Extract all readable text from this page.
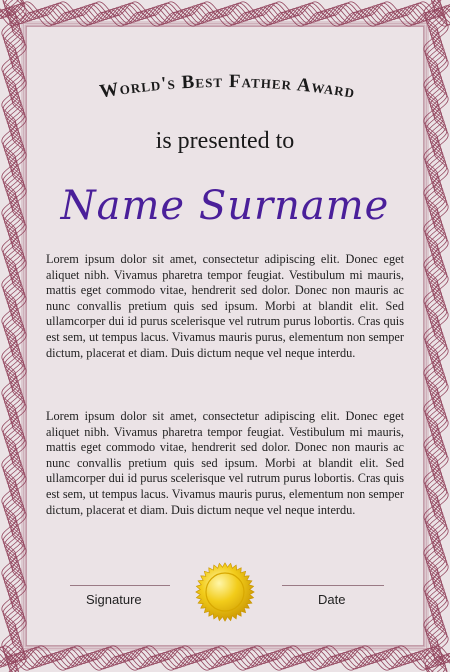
World's Best Father Award
is presented to
Name Surname

Lorem ipsum dolor sit amet, consectetur adipiscing elit. Donec eget aliquet nibh. Vivamus pharetra tempor feugiat. Vestibulum mi mauris, mattis eget commodo vitae, hendrerit sed dolor. Donec non mauris ac nunc convallis pretium quis sed ipsum. Morbi at blandit elit. Sed ullamcorper dui id purus scelerisque vel rutrum purus lobortis. Cras quis est sem, ut tempus lacus. Vivamus mauris purus, elementum non semper dictum, placerat et diam. Duis dictum neque vel neque interdu.

Lorem ipsum dolor sit amet, consectetur adipiscing elit. Donec eget aliquet nibh. Vivamus pharetra tempor feugiat. Vestibulum mi mauris, mattis eget commodo vitae, hendrerit sed dolor. Donec non mauris ac nunc convallis pretium quis sed ipsum. Morbi at blandit elit. Sed ullamcorper dui id purus scelerisque vel rutrum purus lobortis. Cras quis est sem, ut tempus lacus. Vivamus mauris purus, elementum non semper dictum, placerat et diam. Duis dictum neque vel neque interdu.

Signature	Date
